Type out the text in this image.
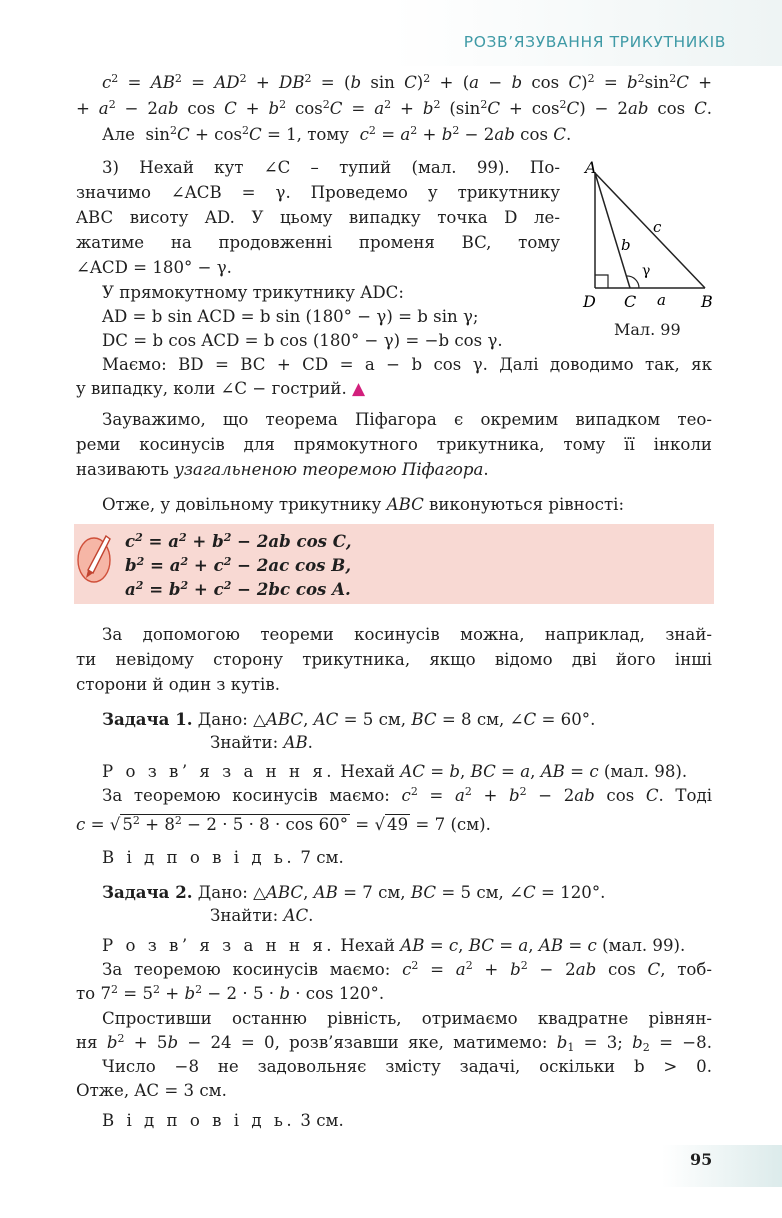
РОЗВ’ЯЗУВАННЯ ТРИКУТНИКІВ
$c^2 = AB^2 = AD^2 + DB^2 = (b$ sin C)$^2$ + (a − b $\cos C)^2 = b^2\sin^2C$ +
+ $a^2 - 2ab$ $\cos C + b^2$ $\cos^2C = a^2 + b^2$ $(\sin^2C + \cos^2C) - 2ab$ cos C.
Але  $\sin^2C + \cos^2C = 1$, тому  $c^2 = a^2 + b^2 - 2ab$ cos C.
3) Нехай кут ∠C – тупий (мал. 99). По-
значимо ∠ACB = γ. Проведемо у трикутнику
ABC висоту AD. У цьому випадку точка D ле-
жатиме на продовженні променя BC, тому
∠ACD = 180° − γ.
У прямокутному трикутнику ADC:
AD = b sin ACD = b sin (180° − γ) = b sin γ;
DC = b cos ACD = b cos (180° − γ) = −b cos γ.
Маємо: BD = BC + CD = a − b cos γ. Далі доводимо так, як
у випадку, коли ∠C − гострий. ▲
A
D C	B
a
b
c
γ
Мал. 99
Зауважимо, що теорема Піфагора є окремим випадком тео-
реми косинусів для прямокутного трикутника, тому її інколи
називають узагальненою теоремою Піфагора.
Отже, у довільному трикутнику ABC виконуються рівності:
$c^2 = a^2 + b^2 - 2ab$ cos C,
$b^2 = a^2 + c^2 - 2ac$ cos B,
$a^2 = b^2 + c^2 - 2bc$ cos A.
За допомогою теореми косинусів можна, наприклад, знай-
ти невідому сторону трикутника, якщо відомо дві його інші
сторони й один з кутів.
Задача 1. Дано: △ABC, AC = 5 см, BC = 8 см, ∠C = 60°.
Знайти: AB.
Р о з в’ я з а н н я. Нехай AC = b, BC = a, AB = c (мал. 98).
За теоремою косинусів маємо: $c^2 = a^2 + b^2 - 2ab$ cos C. Тоді
c = √ $5^2 + 8^2 - 2 \cdot 5 \cdot 8 \cdot \cos 60^\circ$ = √ 49 = 7 (см).
В і д п о в і д ь. 7 см.
Задача 2. Дано: △ABC, AB = 7 см, BC = 5 см, ∠C = 120°.
Знайти: AC.
Р о з в’ я з а н н я. Нехай AB = c, BC = a, AB = c (мал. 99).
За теоремою косинусів маємо: $c^2 = a^2 + b^2 - 2ab$ cos C, тоб-
то $7^2 = 5^2 + b^2 - 2 \cdot 5 \cdot b \cdot \cos 120^\circ$.
Спростивши останню рівність, отримаємо квадратне рівнян-
ня $b^2 + 5b - 24 = 0$, розв’язавши яке, матимемо: $b_1 = 3$; $b_2 = -8$.
Число −8 не задовольняє змісту задачі, оскільки b > 0.
Отже, AC = 3 см.
В і д п о в і д ь. 3 см.
95
